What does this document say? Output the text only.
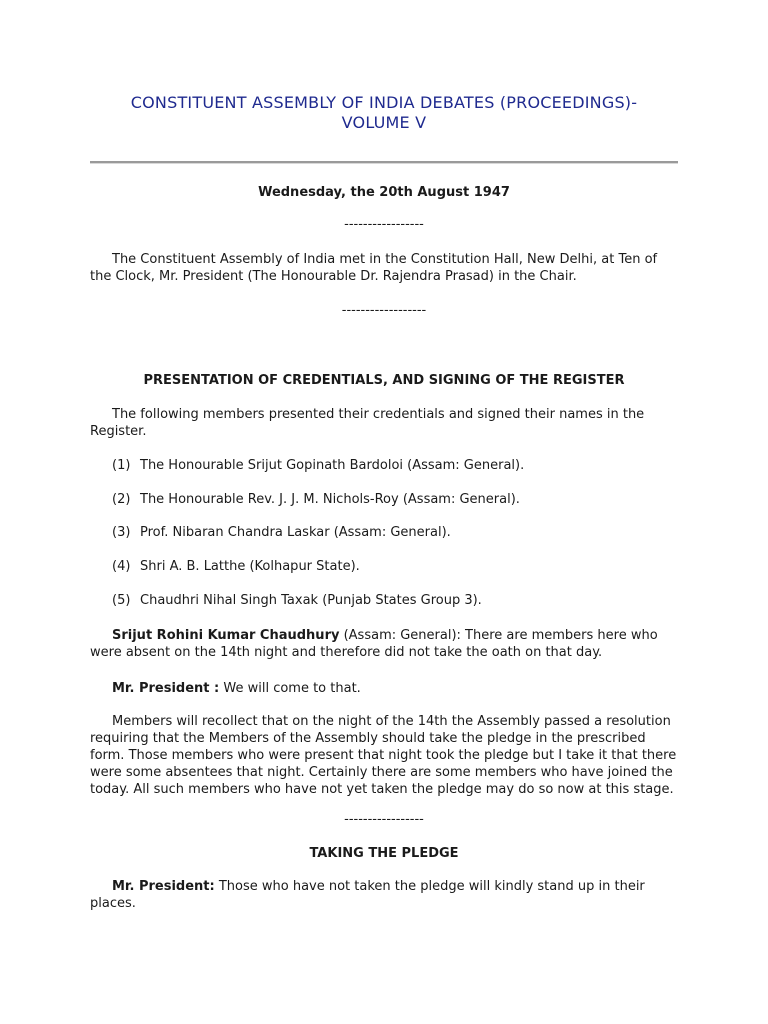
CONSTITUENT ASSEMBLY OF INDIA DEBATES (PROCEEDINGS)-
VOLUME V
Wednesday, the 20th August 1947
-----------------
The Constituent Assembly of India met in the Constitution Hall, New Delhi, at Ten of the Clock, Mr. President (The Honourable Dr. Rajendra Prasad) in the Chair.
------------------
PRESENTATION OF CREDENTIALS, AND SIGNING OF THE REGISTER
The following members presented their credentials and signed their names in the Register.
(1) The Honourable Srijut Gopinath Bardoloi (Assam: General).
(2) The Honourable Rev. J. J. M. Nichols-Roy (Assam: General).
(3) Prof. Nibaran Chandra Laskar (Assam: General).
(4) Shri A. B. Latthe (Kolhapur State).
(5) Chaudhri Nihal Singh Taxak (Punjab States Group 3).
Srijut Rohini Kumar Chaudhury (Assam: General): There are members here who were absent on the 14th night and therefore did not take the oath on that day.
Mr. President : We will come to that.
Members will recollect that on the night of the 14th the Assembly passed a resolution requiring that the Members of the Assembly should take the pledge in the prescribed form. Those members who were present that night took the pledge but I take it that there were some absentees that night. Certainly there are some members who have joined the today. All such members who have not yet taken the pledge may do so now at this stage.
-----------------
TAKING THE PLEDGE
Mr. President: Those who have not taken the pledge will kindly stand up in their places.
